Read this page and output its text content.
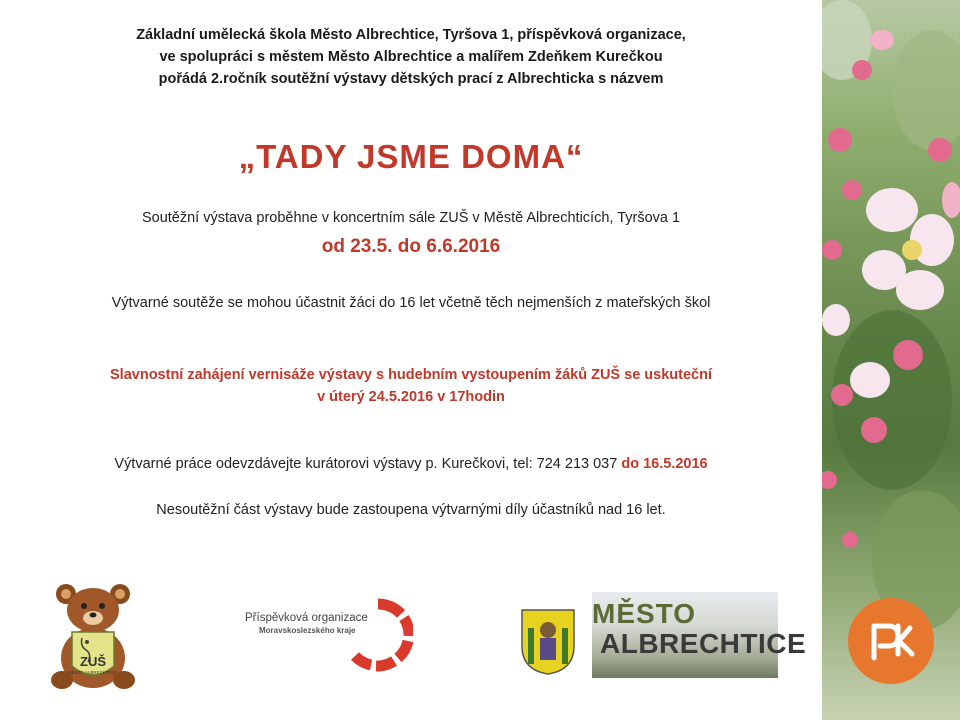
Základní umělecká škola Město Albrechtice, Tyršova 1, příspěvková organizace,
ve spolupráci s městem Město Albrechtice a malířem Zdeňkem Kurečkou
pořádá 2.ročník soutěžní výstavy dětských prací z Albrechticka s názvem
„TADY JSME DOMA“
Soutěžní výstava proběhne v koncertním sále ZUŠ v Městě Albrechticích, Tyršova 1
od 23.5. do 6.6.2016
Výtvarné soutěže se mohou účastnit žáci do 16 let včetně těch nejmenších z mateřských škol
Slavnostní zahájení vernisáže výstavy s hudebním vystoupením žáků ZUŠ se uskuteční
v úterý 24.5.2016 v 17hodin
Výtvarné práce odevzdávejte kurátorovi výstavy p. Kurečkovi, tel: 724 213 037 do 16.5.2016
Nesoutěžní část výstavy bude zastoupena výtvarnými díly účastníků nad 16 let.
ZUŠ
MĚSTO ALBRECHTICE
Příspěvková organizace
Moravskoslezského kraje
MĚSTO
ALBRECHTICE
